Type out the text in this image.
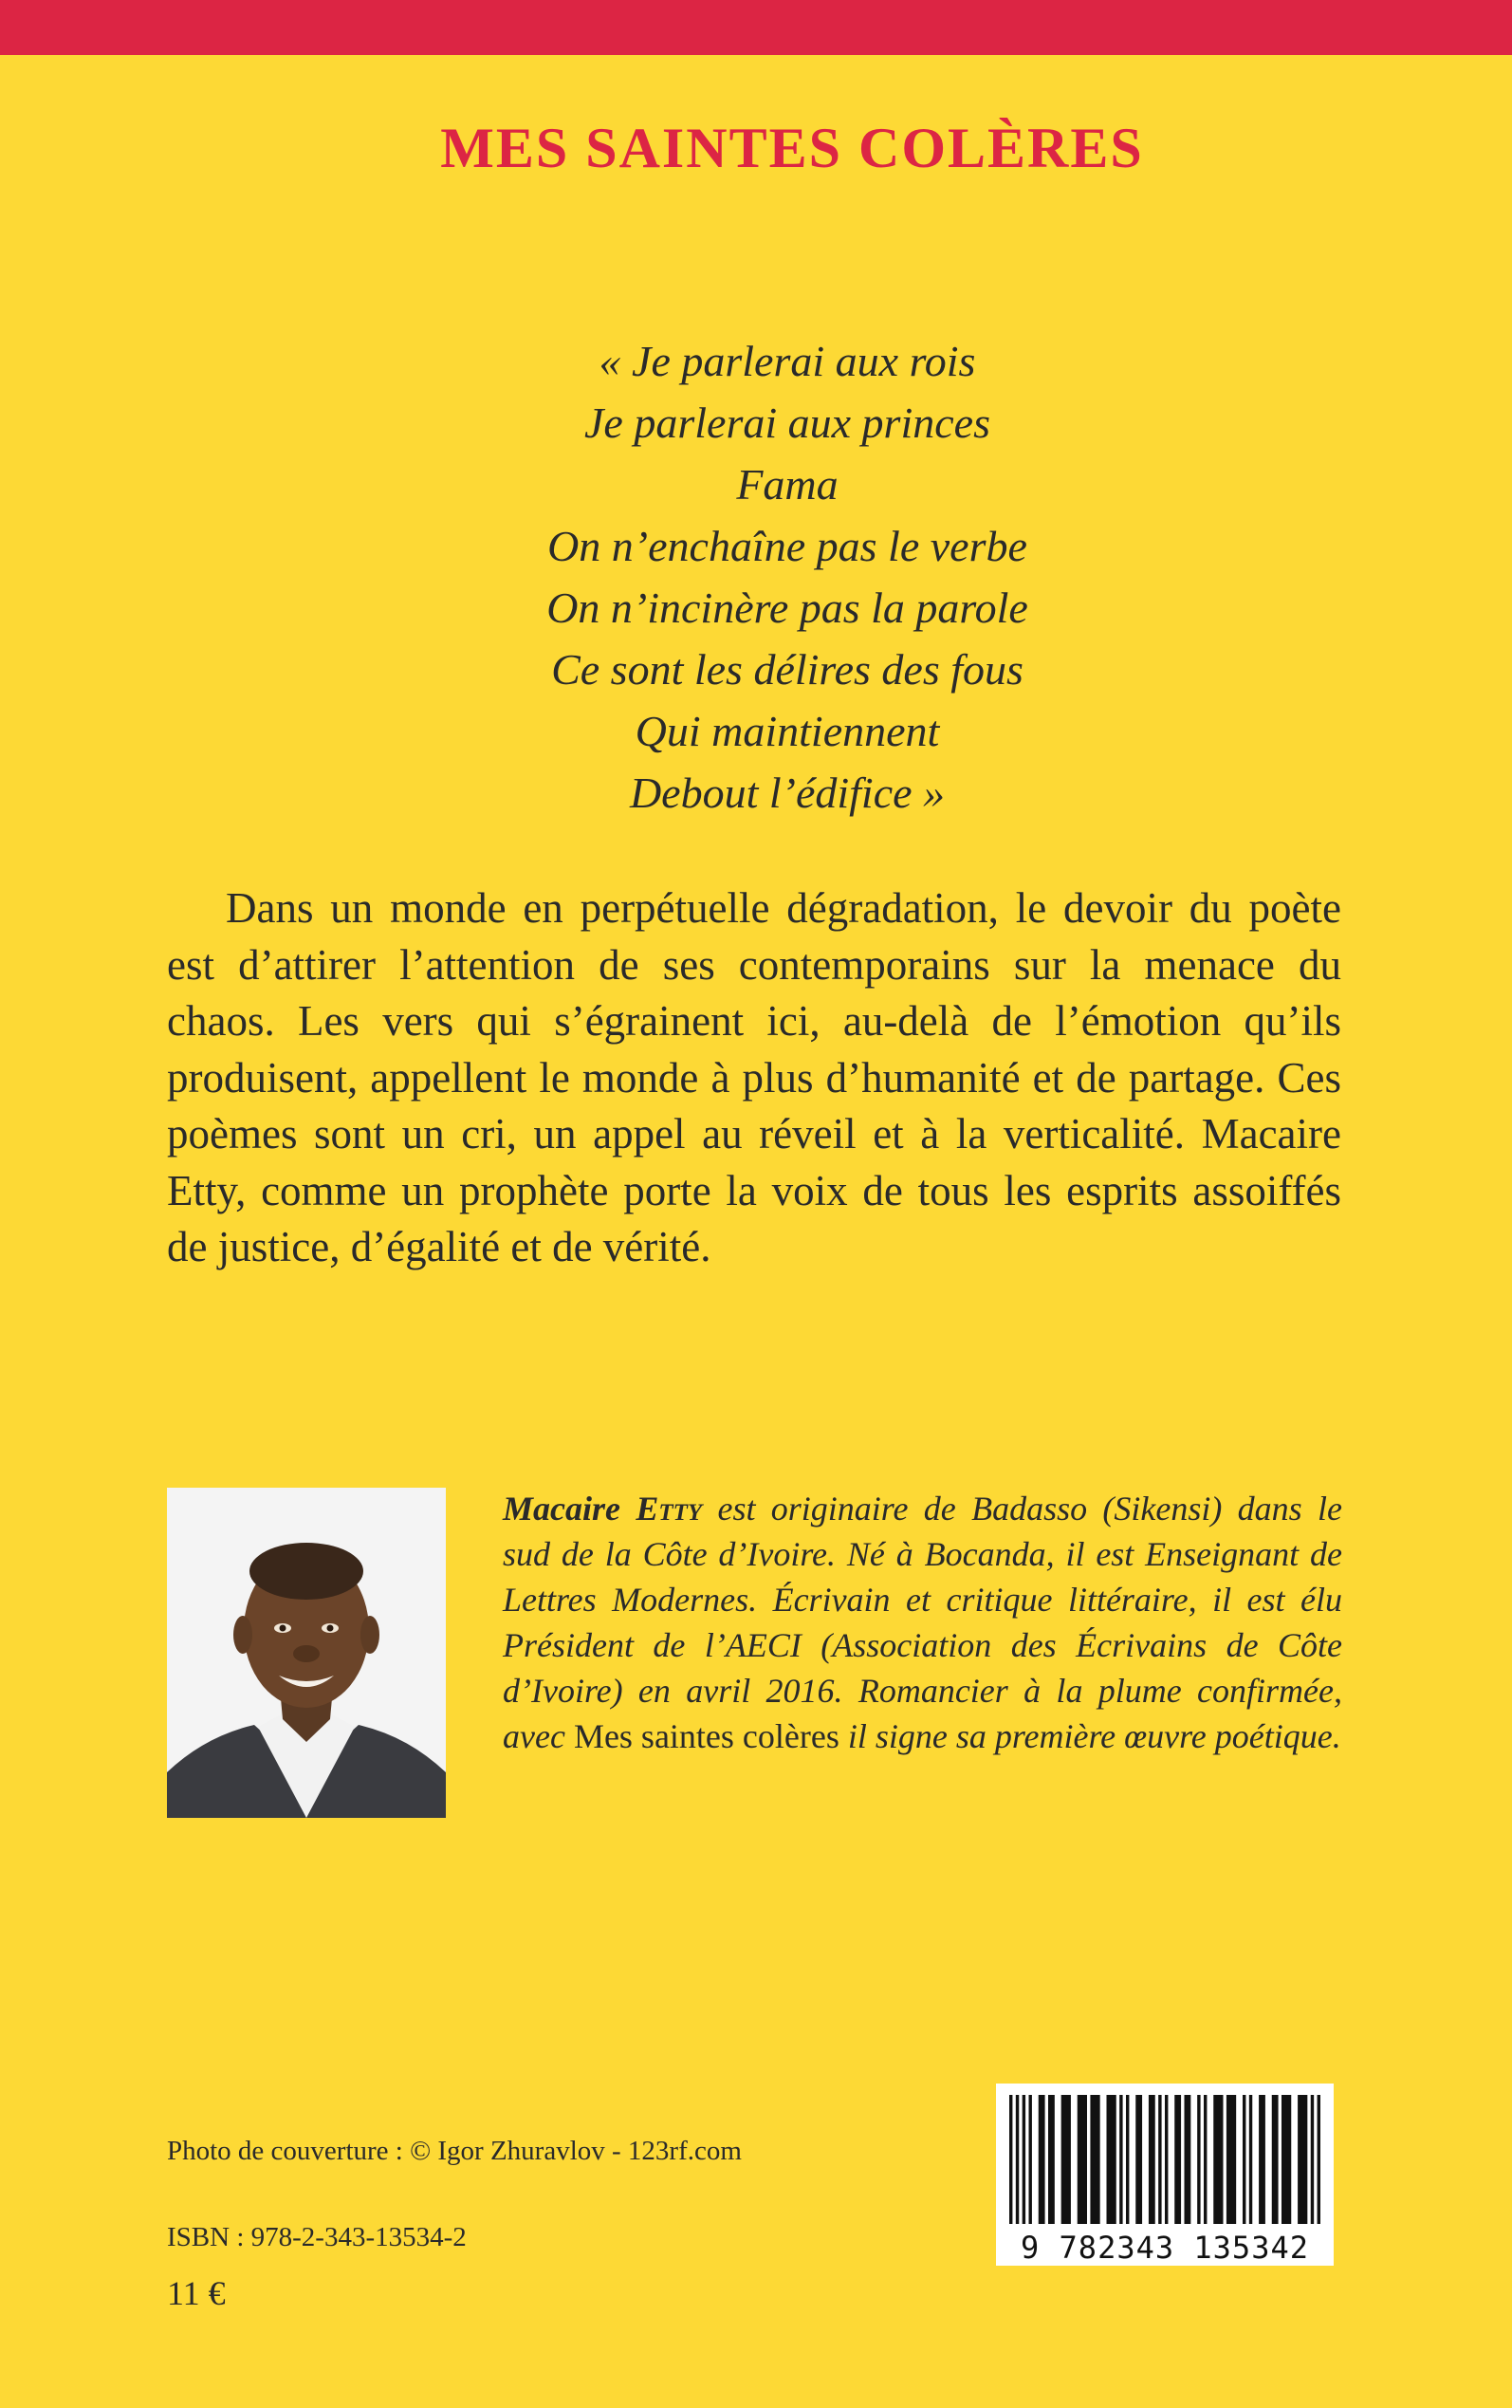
MES SAINTES COLÈRES
« Je parlerai aux rois
Je parlerai aux princes
Fama
On n’enchaîne pas le verbe
On n’incinère pas la parole
Ce sont les délires des fous
Qui maintiennent
Debout l’édifice »

Dans un monde en perpétuelle dégradation, le devoir du poète est d’attirer l’attention de ses contemporains sur la menace du chaos. Les vers qui s’égrainent ici, au-delà de l’émotion qu’ils produisent, appellent le monde à plus d’humanité et de partage. Ces poèmes sont un cri, un appel au réveil et à la verticalité. Macaire Etty, comme un prophète porte la voix de tous les esprits assoiffés de justice, d’égalité et de vérité.

Macaire Etty est originaire de Badasso (Sikensi) dans le sud de la Côte d’Ivoire. Né à Bocanda, il est Enseignant de Lettres Modernes. Écrivain et critique littéraire, il est élu Président de l’AECI (Association des Écrivains de Côte d’Ivoire) en avril 2016. Romancier à la plume confirmée, avec Mes saintes colères il signe sa première œuvre poétique.

Photo de couverture : © Igor Zhuravlov - 123rf.com

ISBN : 978-2-343-13534-2

11 €

9 782343 135342
